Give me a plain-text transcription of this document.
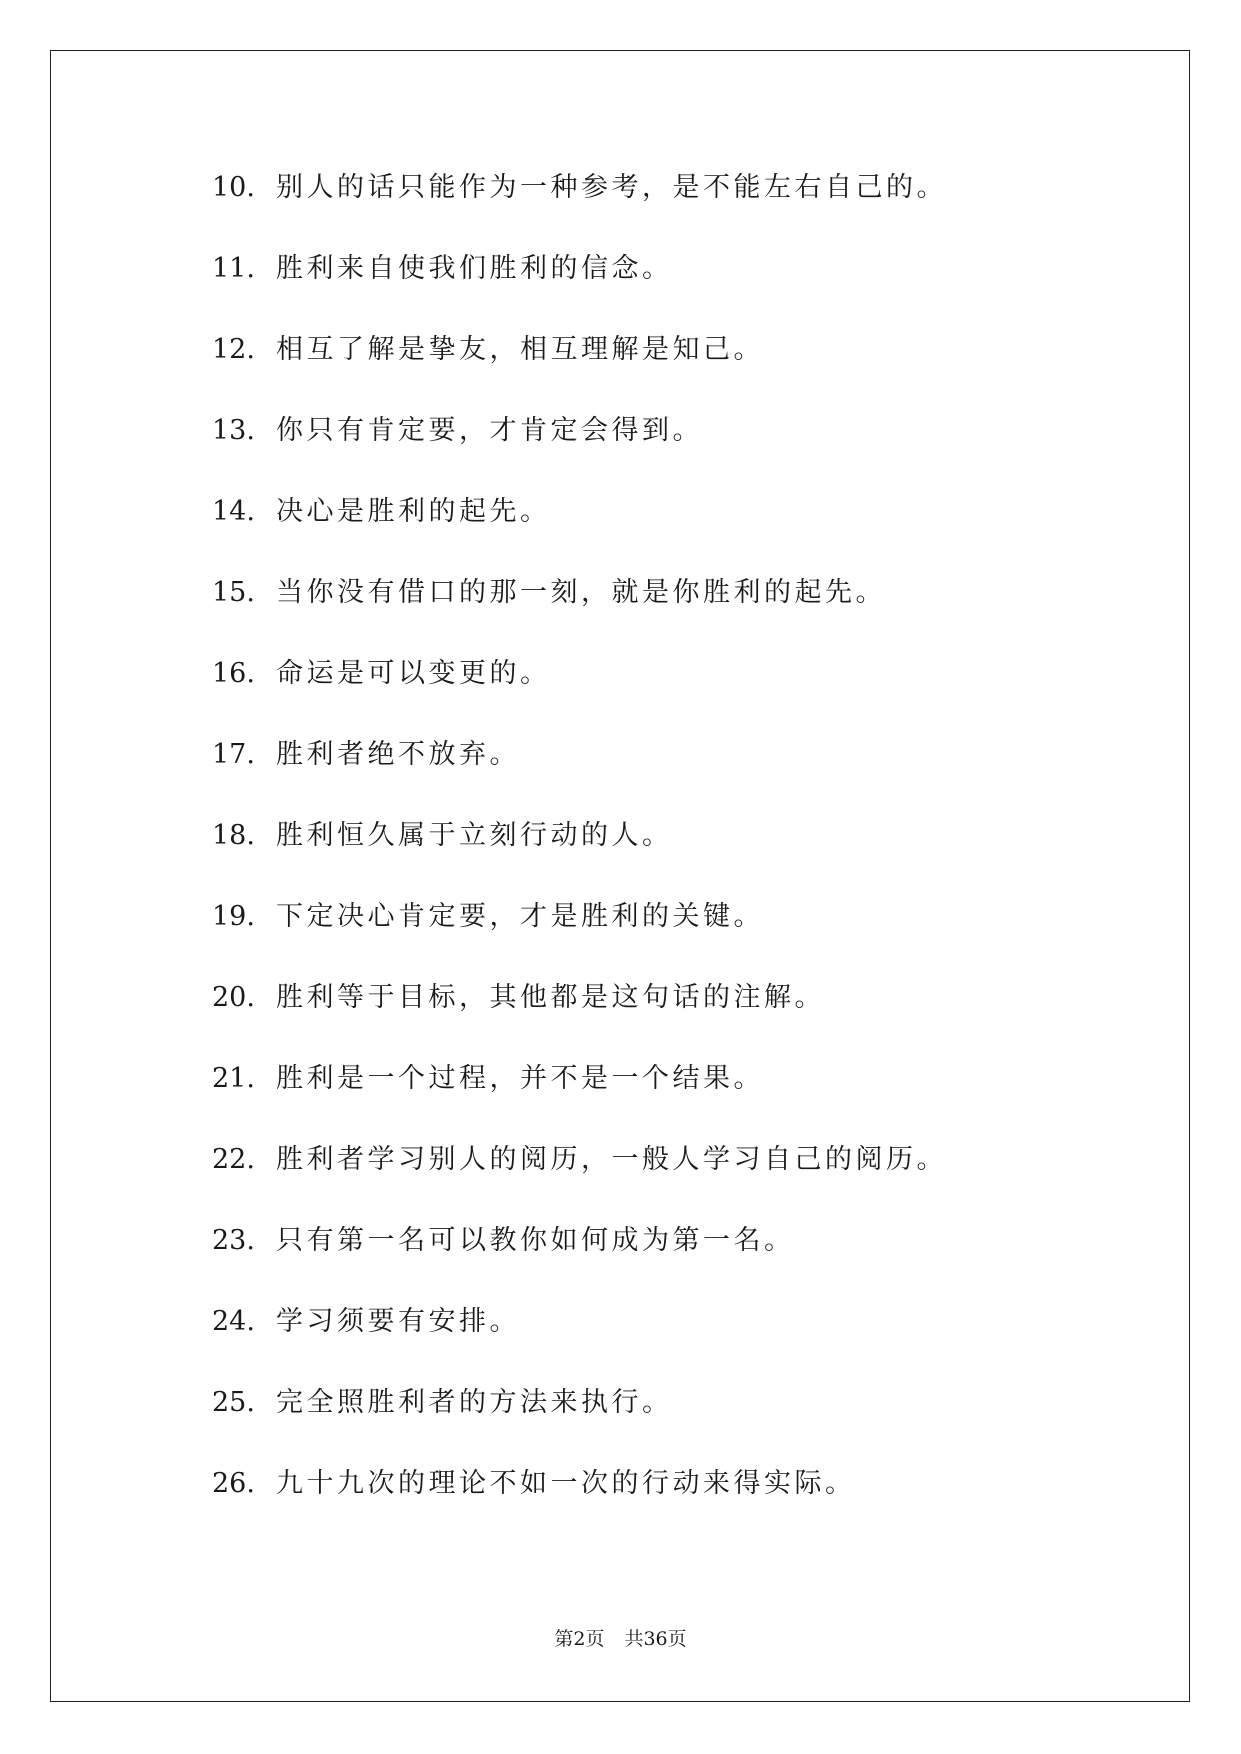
10. 别人的话只能作为一种参考，是不能左右自己的。
11. 胜利来自使我们胜利的信念。
12. 相互了解是挚友，相互理解是知己。
13. 你只有肯定要，才肯定会得到。
14. 决心是胜利的起先。
15. 当你没有借口的那一刻，就是你胜利的起先。
16. 命运是可以变更的。
17. 胜利者绝不放弃。
18. 胜利恒久属于立刻行动的人。
19. 下定决心肯定要，才是胜利的关键。
20. 胜利等于目标，其他都是这句话的注解。
21. 胜利是一个过程，并不是一个结果。
22. 胜利者学习别人的阅历，一般人学习自己的阅历。
23. 只有第一名可以教你如何成为第一名。
24. 学习须要有安排。
25. 完全照胜利者的方法来执行。
26. 九十九次的理论不如一次的行动来得实际。
第2页 共36页
